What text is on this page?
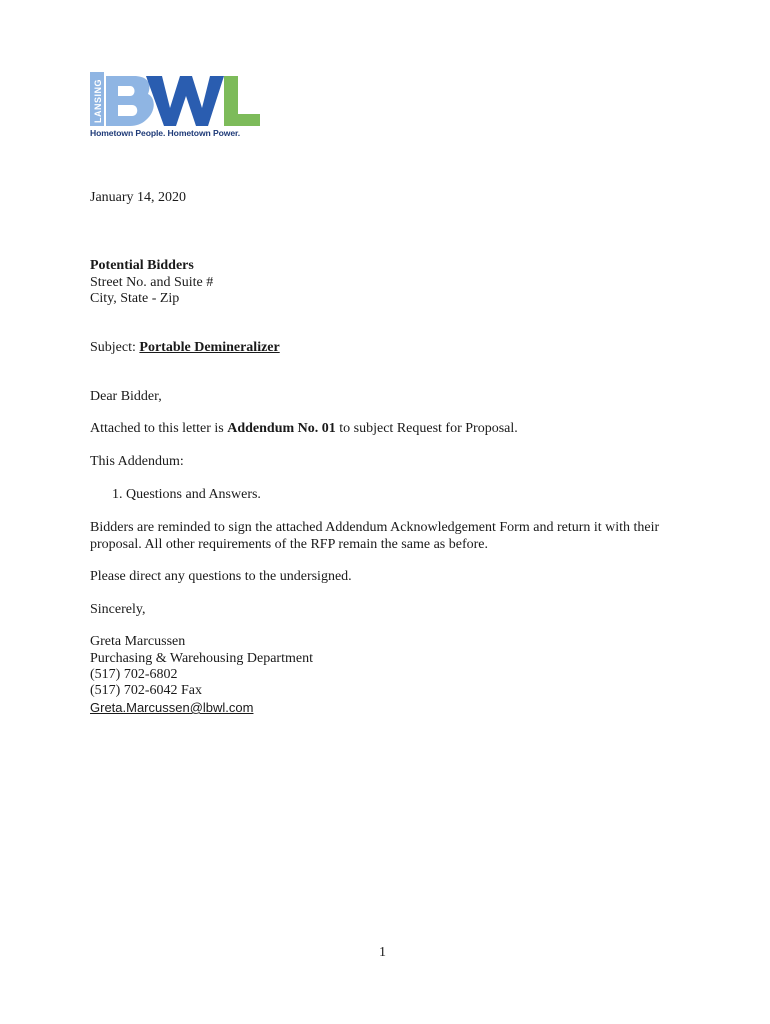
LANSING
Hometown People. Hometown Power.
January 14, 2020
Potential Bidders
Street No. and Suite #
City, State - Zip
Subject: Portable Demineralizer
Dear Bidder,
Attached to this letter is Addendum No. 01 to subject Request for Proposal.
This Addendum:
1. Questions and Answers.
Bidders are reminded to sign the attached Addendum Acknowledgement Form and return it with their
proposal. All other requirements of the RFP remain the same as before.
Please direct any questions to the undersigned.
Sincerely,
Greta Marcussen
Purchasing & Warehousing Department
(517) 702-6802
(517) 702-6042 Fax
Greta.Marcussen@lbwl.com
1
